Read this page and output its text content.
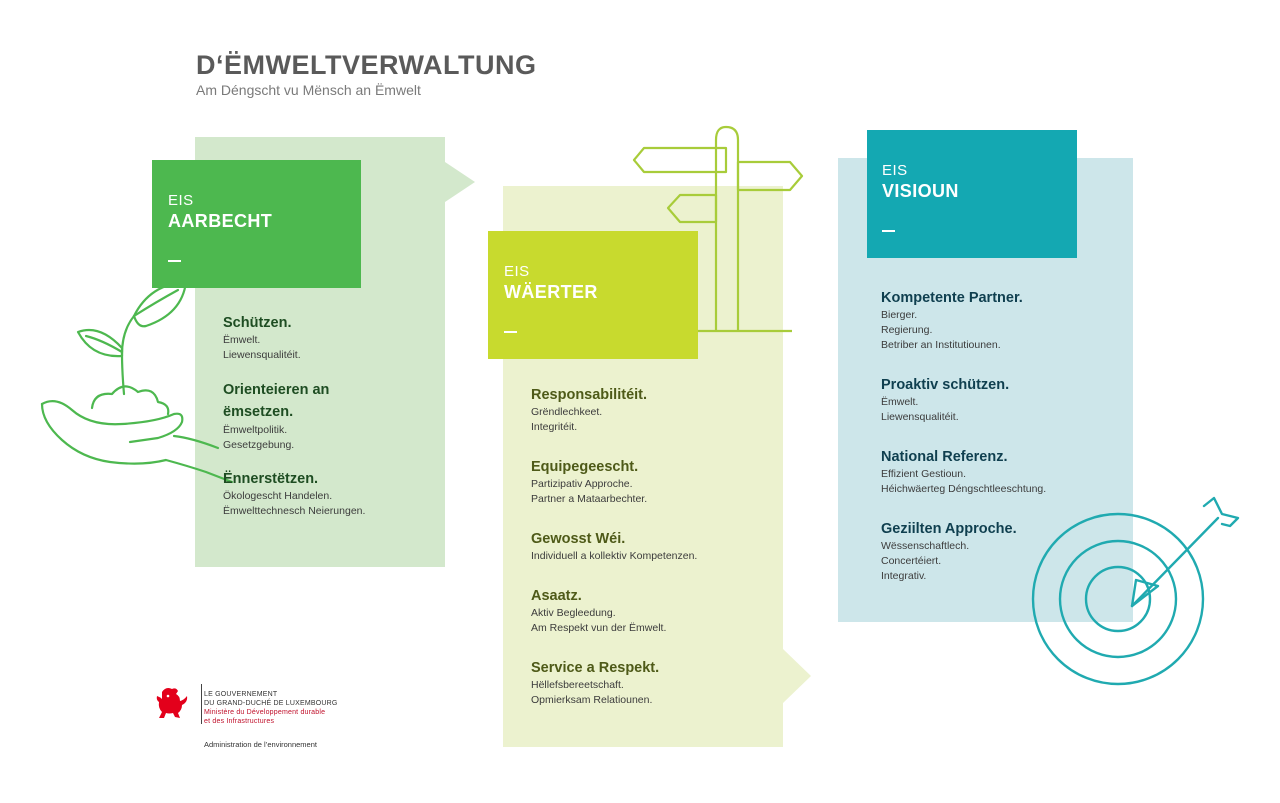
D‘ËMWELTVERWALTUNG
Am Déngscht vu Mënsch an Ëmwelt
EIS
AARBECHT
EIS
WÄERTER
EIS
VISIOUN
Schützen.
Ëmwelt.
Liewensqualitéit.
Orienteieren an ëmsetzen.
Ëmweltpolitik.
Gesetzgebung.
Ënnerstëtzen.
Ökologescht Handelen.
Ëmwelttechnesch Neierungen.
Responsabilitéit.
Grëndlechkeet.
Integritéit.
Equipegeescht.
Partizipativ Approche.
Partner a Mataarbechter.
Gewosst Wéi.
Individuell a kollektiv Kompetenzen.
Asaatz.
Aktiv Begleedung.
Am Respekt vun der Ëmwelt.
Service a Respekt.
Hëllefsbereetschaft.
Opmierksam Relatiounen.
Kompetente Partner.
Bierger.
Regierung.
Betriber an Institutiounen.
Proaktiv schützen.
Ëmwelt.
Liewensqualitéit.
National Referenz.
Effizient Gestioun.
Héichwäerteg Déngschtleeschtung.
Geziilten Approche.
Wëssenschaftlech.
Concertéiert.
Integrativ.
LE GOUVERNEMENT
DU GRAND-DUCHÉ DE LUXEMBOURG
Ministère du Développement durable
et des Infrastructures
Administration de l’environnement
